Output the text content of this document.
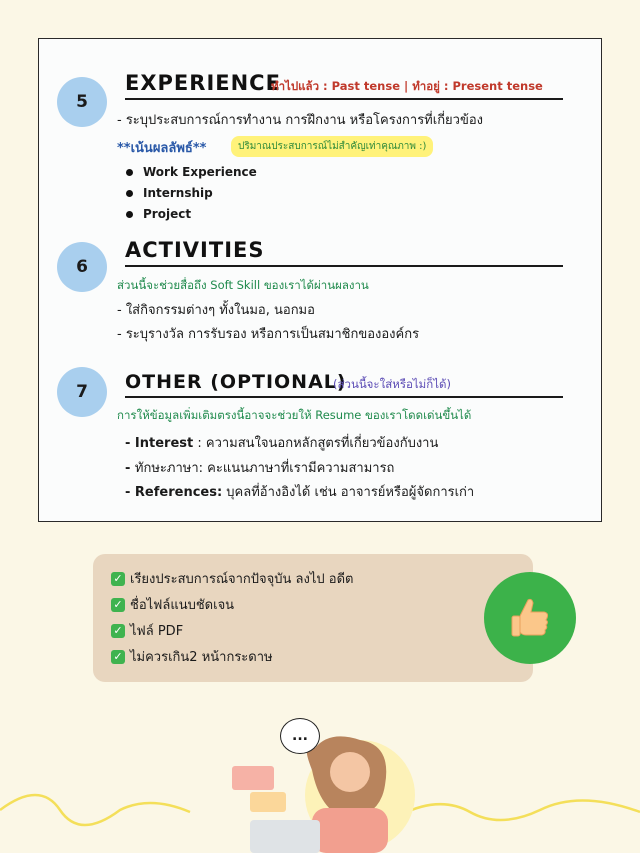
5
EXPERIENCE
ทำไปแล้ว : Past tense | ทำอยู่ : Present tense
- ระบุประสบการณ์การทำงาน การฝึกงาน หรือโครงการที่เกี่ยวข้อง
**เน้นผลลัพธ์**	ปริมาณประสบการณ์ไม่สำคัญเท่าคุณภาพ :)
Work Experience
Internship
Project
6
ACTIVITIES
ส่วนนี้จะช่วยสื่อถึง Soft Skill ของเราได้ผ่านผลงาน
- ใส่กิจกรรมต่างๆ ทั้งในมอ, นอกมอ
- ระบุรางวัล การรับรอง หรือการเป็นสมาชิกขององค์กร
7	OTHER (OPTIONAL)
(ส่วนนี้จะใส่หรือไม่ก็ได้)
การให้ข้อมูลเพิ่มเติมตรงนี้อาจจะช่วยให้ Resume ของเราโดดเด่นขึ้นได้
- Interest : ความสนใจนอกหลักสูตรที่เกี่ยวข้องกับงาน
- ทักษะภาษา: คะแนนภาษาที่เรามีความสามารถ
- References: บุคลที่อ้างอิงได้ เช่น อาจารย์หรือผู้จัดการเก่า
✓ เรียงประสบการณ์จากปัจจุบัน ลงไป อดีต
✓ ชื่อไฟล์แนบชัดเจน
✓ ไฟล์ PDF
✓ ไม่ควรเกิน2 หน้ากระดาษ
...
